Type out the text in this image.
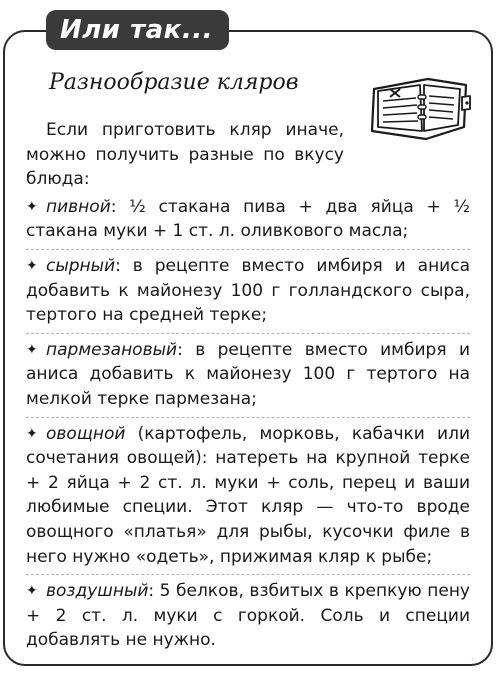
Или так...
Разнообразие кляров

Если приготовить кляр иначе, можно получить разные по вкусу блюда:

✦ пивной: ½ стакана пива + два яйца + ½ стакана муки + 1 ст. л. оливкового масла;
✦ сырный: в рецепте вместо имбиря и аниса добавить к майонезу 100 г голландского сыра, тертого на средней терке;
✦ пармезановый: в рецепте вместо имбиря и аниса добавить к майонезу 100 г тертого на мелкой терке пармезана;
✦ овощной (картофель, морковь, кабачки или сочетания овощей): натереть на крупной терке + 2 яйца + 2 ст. л. муки + соль, перец и ваши любимые специи. Этот кляр — что-то вроде овощного «платья» для рыбы, кусочки филе в него нужно «одеть», прижимая кляр к рыбе;
✦ воздушный: 5 белков, взбитых в крепкую пену + 2 ст. л. муки с горкой. Соль и специи добавлять не нужно.
